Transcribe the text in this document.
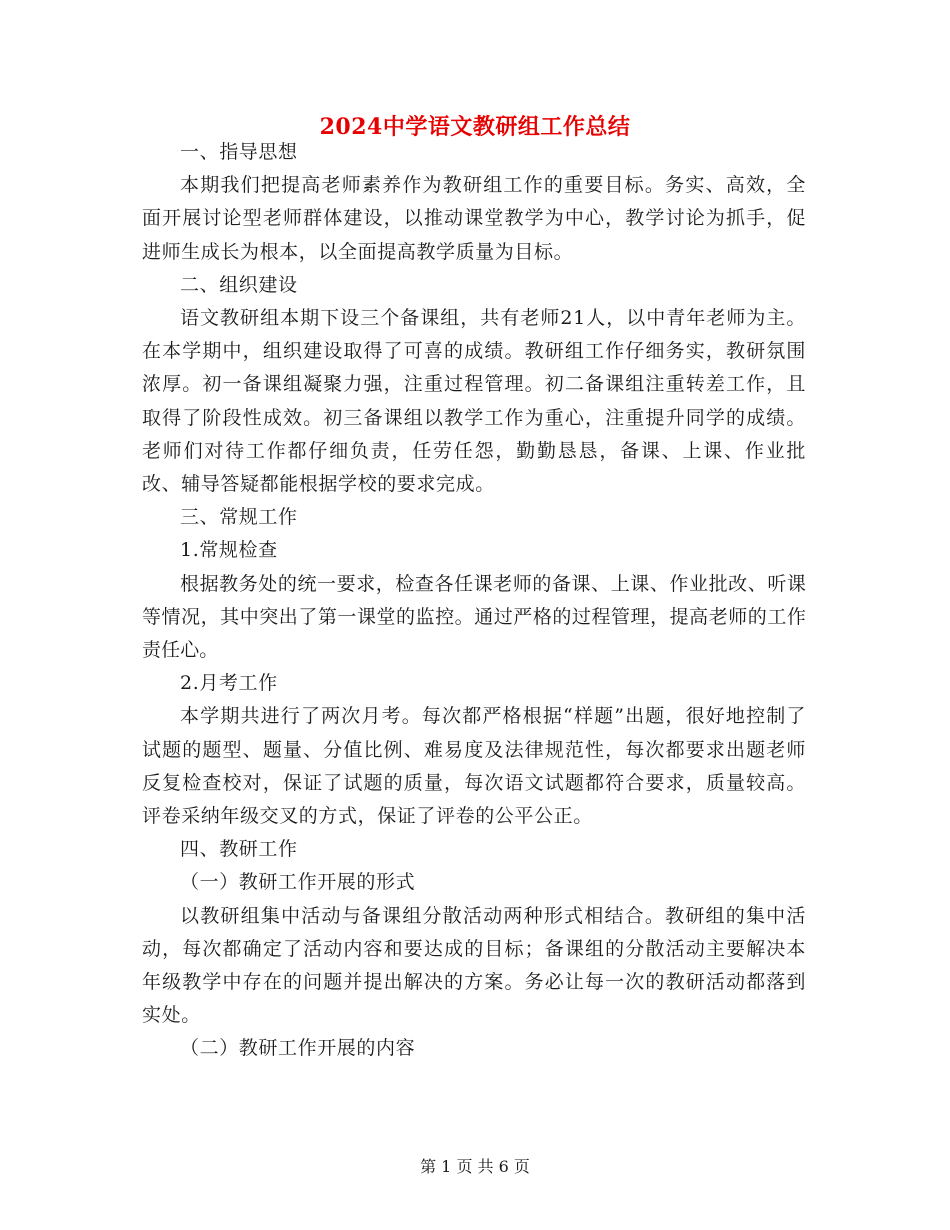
2024中学语文教研组工作总结

一、指导思想

本期我们把提高老师素养作为教研组工作的重要目标。务实、高效，全面开展讨论型老师群体建设，以推动课堂教学为中心，教学讨论为抓手，促进师生成长为根本，以全面提高教学质量为目标。

二、组织建设

语文教研组本期下设三个备课组，共有老师21人，以中青年老师为主。在本学期中，组织建设取得了可喜的成绩。教研组工作仔细务实，教研氛围浓厚。初一备课组凝聚力强，注重过程管理。初二备课组注重转差工作，且取得了阶段性成效。初三备课组以教学工作为重心，注重提升同学的成绩。老师们对待工作都仔细负责，任劳任怨，勤勤恳恳，备课、上课、作业批改、辅导答疑都能根据学校的要求完成。

三、常规工作

1.常规检查

根据教务处的统一要求，检查各任课老师的备课、上课、作业批改、听课等情况，其中突出了第一课堂的监控。通过严格的过程管理，提高老师的工作责任心。

2.月考工作

本学期共进行了两次月考。每次都严格根据“样题”出题，很好地控制了试题的题型、题量、分值比例、难易度及法律规范性，每次都要求出题老师反复检查校对，保证了试题的质量，每次语文试题都符合要求，质量较高。评卷采纳年级交叉的方式，保证了评卷的公平公正。

四、教研工作

（一）教研工作开展的形式

以教研组集中活动与备课组分散活动两种形式相结合。教研组的集中活动，每次都确定了活动内容和要达成的目标；备课组的分散活动主要解决本年级教学中存在的问题并提出解决的方案。务必让每一次的教研活动都落到实处。

（二）教研工作开展的内容

第 1 页 共 6 页
